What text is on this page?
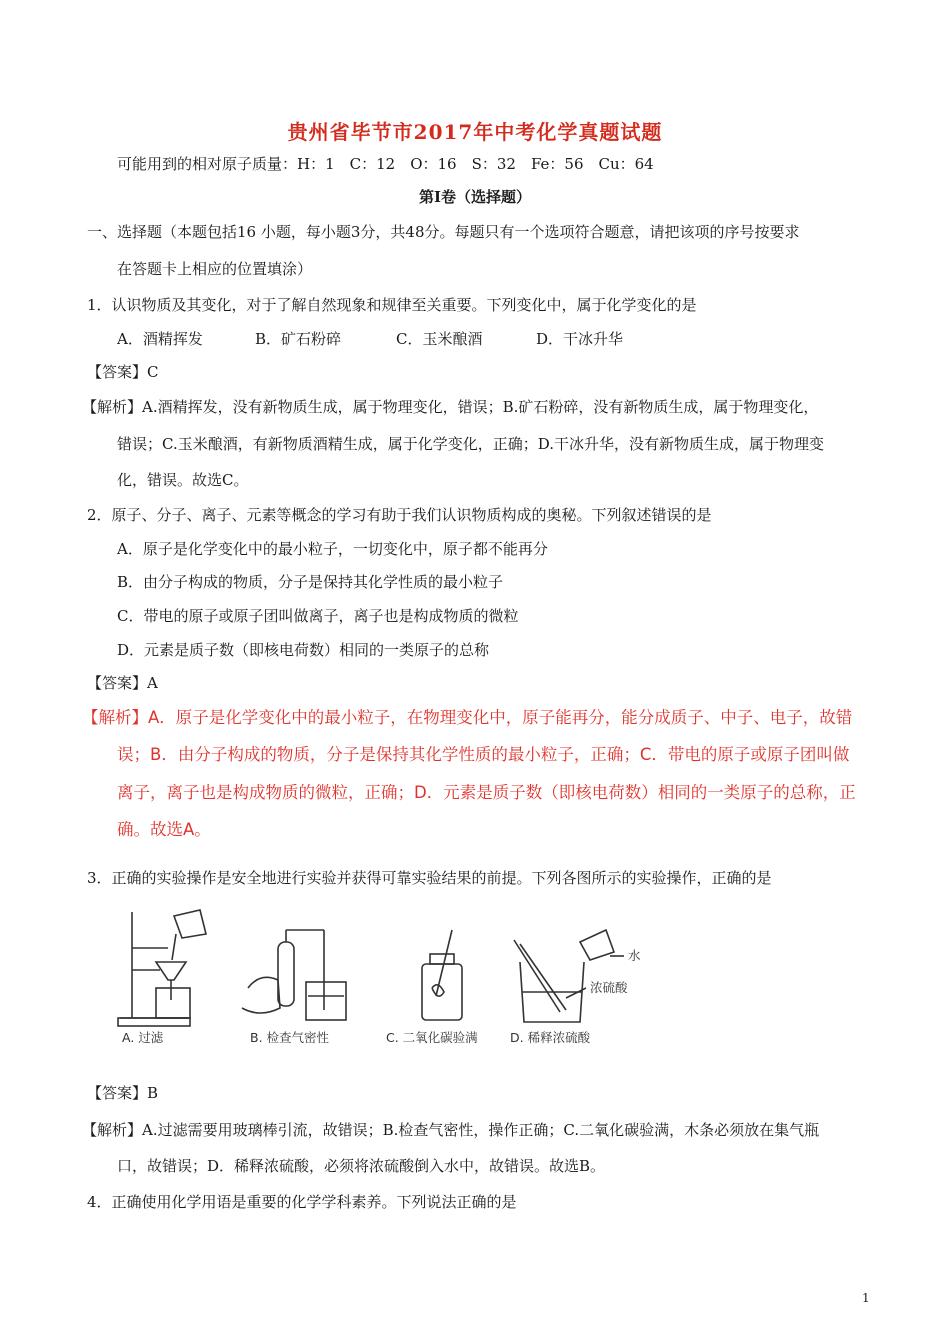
贵州省毕节市2017年中考化学真题试题
可能用到的相对原子质量：H：1　C：12　O：16　S：32　Fe：56　Cu：64
第Ⅰ卷（选择题）
一、选择题（本题包括16 小题，每小题3分，共48分。每题只有一个选项符合题意，请把该项的序号按要求
在答题卡上相应的位置填涂）
1．认识物质及其变化，对于了解自然现象和规律至关重要。下列变化中，属于化学变化的是
A．酒精挥发	B．矿石粉碎	C．玉米酿酒	D．干冰升华
【答案】C
【解析】A.酒精挥发，没有新物质生成，属于物理变化，错误；B.矿石粉碎，没有新物质生成，属于物理变化，
错误；C.玉米酿酒，有新物质酒精生成，属于化学变化，正确；D.干冰升华，没有新物质生成，属于物理变
化，错误。故选C。
2．原子、分子、离子、元素等概念的学习有助于我们认识物质构成的奥秘。下列叙述错误的是
A．原子是化学变化中的最小粒子，一切变化中，原子都不能再分
B．由分子构成的物质，分子是保持其化学性质的最小粒子
C．带电的原子或原子团叫做离子，离子也是构成物质的微粒
D．元素是质子数（即核电荷数）相同的一类原子的总称
【答案】A
【解析】A．原子是化学变化中的最小粒子，在物理变化中，原子能再分，能分成质子、中子、电子，故错
误；B．由分子构成的物质，分子是保持其化学性质的最小粒子，正确；C．带电的原子或原子团叫做
离子，离子也是构成物质的微粒，正确；D．元素是质子数（即核电荷数）相同的一类原子的总称，正
确。故选A。
3．正确的实验操作是安全地进行实验并获得可靠实验结果的前提。下列各图所示的实验操作，正确的是
A. 过滤	B. 检查气密性	C. 二氧化碳验满
水
浓硫酸
D. 稀释浓硫酸
【答案】B
【解析】A.过滤需要用玻璃棒引流，故错误；B.检查气密性，操作正确；C.二氧化碳验满，木条必须放在集气瓶
口，故错误；D．稀释浓硫酸，必须将浓硫酸倒入水中，故错误。故选B。
4．正确使用化学用语是重要的化学学科素养。下列说法正确的是
1
